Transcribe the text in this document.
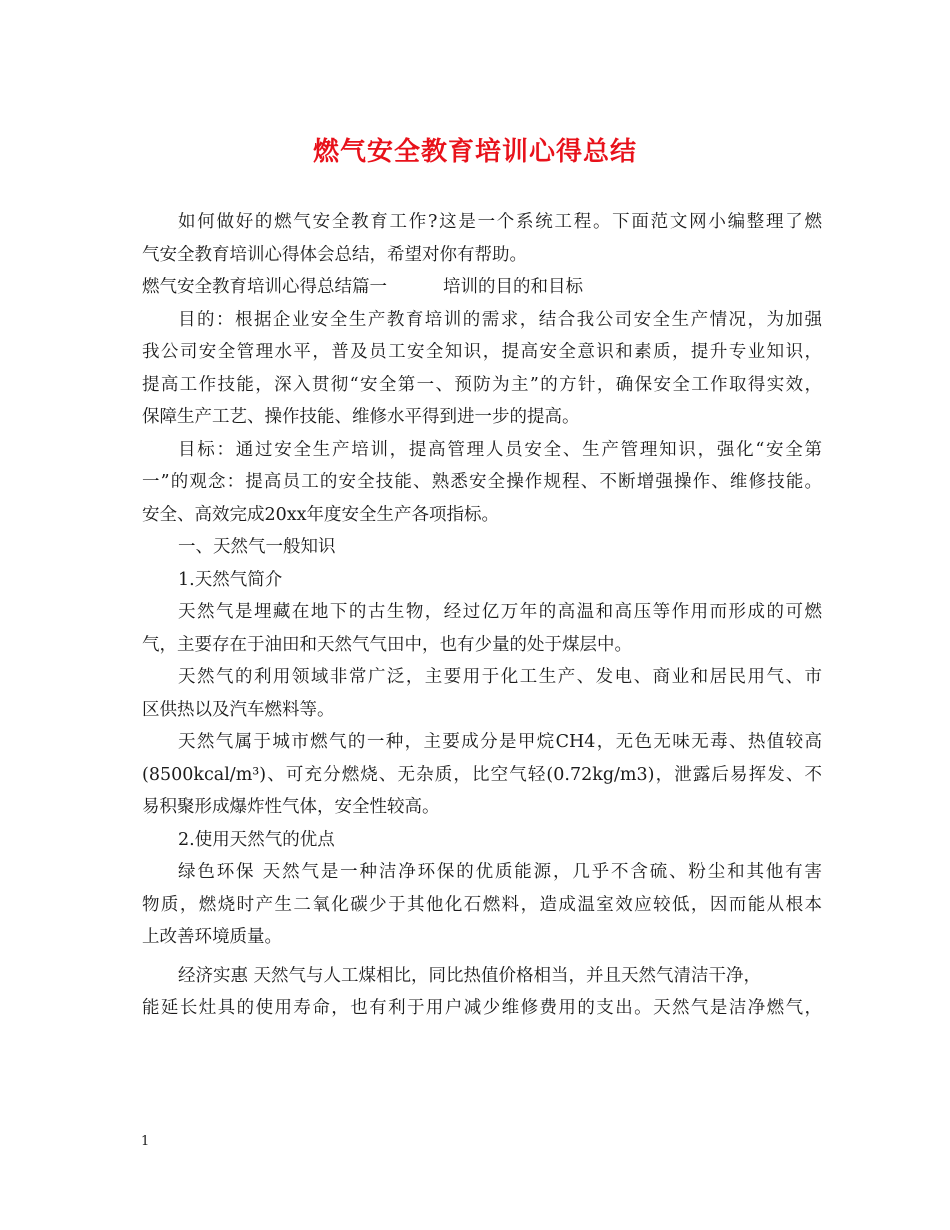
燃气安全教育培训心得总结
如何做好的燃气安全教育工作?这是一个系统工程。下面范文网小编整理了燃
气安全教育培训心得体会总结，希望对你有帮助。
燃气安全教育培训心得总结篇一	培训的目的和目标
目的：根据企业安全生产教育培训的需求，结合我公司安全生产情况，为加强
我公司安全管理水平，普及员工安全知识，提高安全意识和素质，提升专业知识，
提高工作技能，深入贯彻“安全第一、预防为主”的方针，确保安全工作取得实效，
保障生产工艺、操作技能、维修水平得到进一步的提高。
目标：通过安全生产培训，提高管理人员安全、生产管理知识，强化“安全第
一”的观念：提高员工的安全技能、熟悉安全操作规程、不断增强操作、维修技能。
安全、高效完成20xx年度安全生产各项指标。
一、天然气一般知识
1.天然气简介
天然气是埋藏在地下的古生物，经过亿万年的高温和高压等作用而形成的可燃
气，主要存在于油田和天然气气田中，也有少量的处于煤层中。
天然气的利用领域非常广泛，主要用于化工生产、发电、商业和居民用气、市
区供热以及汽车燃料等。
天然气属于城市燃气的一种，主要成分是甲烷CH4，无色无味无毒、热值较高
(8500kcal/m³)、可充分燃烧、无杂质，比空气轻(0.72kg/m3)，泄露后易挥发、不
易积聚形成爆炸性气体，安全性较高。
2.使用天然气的优点
绿色环保 天然气是一种洁净环保的优质能源，几乎不含硫、粉尘和其他有害
物质，燃烧时产生二氧化碳少于其他化石燃料，造成温室效应较低，因而能从根本
上改善环境质量。
经济实惠 天然气与人工煤相比，同比热值价格相当，并且天然气清洁干净，
能延长灶具的使用寿命，也有利于用户减少维修费用的支出。天然气是洁净燃气，
1
